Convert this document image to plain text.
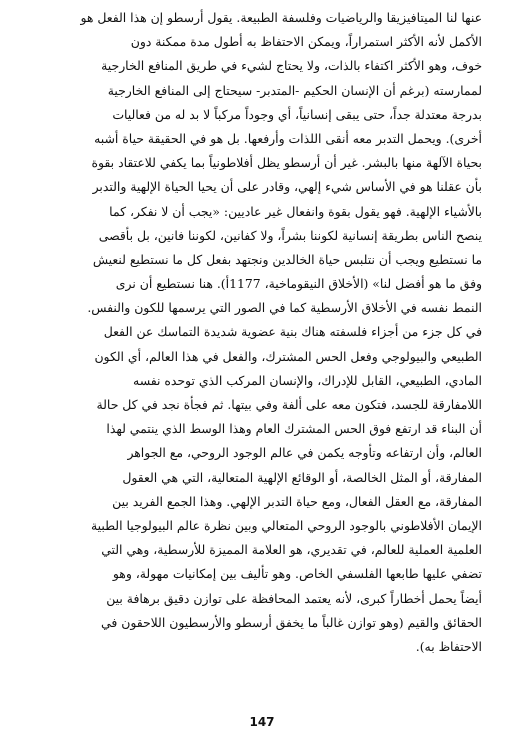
عنها لنا الميتافيزيقا والرياضيات وفلسفة الطبيعة. يقول أرسطو إن هذا الفعل هو
الأكمل لأنه الأكثر استمراراً، ويمكن الاحتفاظ به أطول مدة ممكنة دون
خوف، وهو الأكثر اكتفاء بالذات، ولا يحتاج لشيء في طريق المنافع الخارجية
لممارسته (برغم أن الإنسان الحكيم -المتدبر- سيحتاج إلى المنافع الخارجية
بدرجة معتدلة جداً، حتى يبقى إنسانياً، أي وجوداً مركباً لا بد له من فعاليات
أخرى). ويحمل التدبر معه أنقى اللذات وأرفعها. بل هو في الحقيقة حياة أشبه
بحياة الآلهة منها بالبشر. غير أن أرسطو يظل أفلاطونياً بما يكفي للاعتقاد بقوة
بأن عقلنا هو في الأساس شيء إلهي، وقادر على أن يحيا الحياة الإلهية والتدبر
بالأشياء الإلهية. فهو يقول بقوة وانفعال غير عاديين: «يجب أن لا نفكر، كما
ينصح الناس بطريقة إنسانية لكوننا بشراً، ولا كفانين، لكوننا فانين، بل بأقصى
ما نستطيع ويجب أن نتلبس حياة الخالدين ونجتهد بفعل كل ما نستطيع لنعيش
وفق ما هو أفضل لنا» (الأخلاق النيقوماخية، 1177أ). هنا نستطيع أن نرى
النمط نفسه في الأخلاق الأرسطية كما في الصور التي يرسمها للكون والنفس.
في كل جزء من أجزاء فلسفته هناك بنية عضوية شديدة التماسك عن الفعل
الطبيعي والبيولوجي وفعل الحس المشترك، والفعل في هذا العالم، أي الكون
المادي، الطبيعي، القابل للإدراك، والإنسان المركب الذي توحده نفسه
اللامفارقة للجسد، فتكون معه على ألفة وفي بيتها. ثم فجأة نجد في كل حالة
أن البناء قد ارتفع فوق الحس المشترك العام وهذا الوسط الذي ينتمي لهذا
العالم، وأن ارتفاعه وتأوجه يكمن في عالم الوجود الروحي، مع الجواهر
المفارقة، أو المثل الخالصة، أو الوقائع الإلهية المتعالية، التي هي العقول
المفارقة، مع العقل الفعال، ومع حياة التدبر الإلهي. وهذا الجمع الفريد بين
الإيمان الأفلاطوني بالوجود الروحي المتعالي وبين نظرة عالم البيولوجيا الطبية
العلمية العملية للعالم، في تقديري، هو العلامة المميزة للأرسطية، وهي التي
تضفي عليها طابعها الفلسفي الخاص. وهو تأليف بين إمكانيات مهولة، وهو
أيضاً يحمل أخطاراً كبرى، لأنه يعتمد المحافظة على توازن دقيق برهافة بين
الحقائق والقيم (وهو توازن غالباً ما يخفق أرسطو والأرسطيون اللاحقون في
الاحتفاظ به).
147
